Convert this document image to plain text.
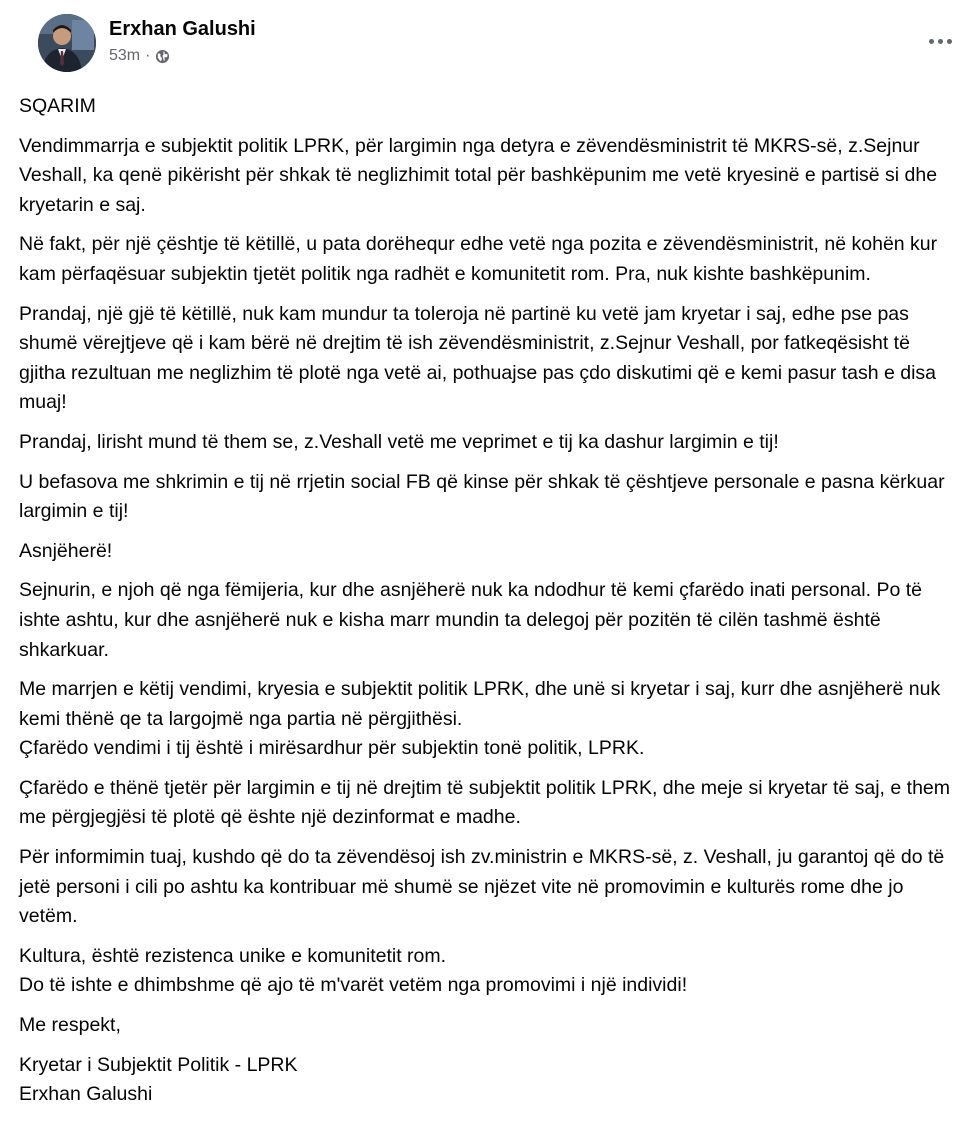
Erxhan Galushi
53m ·

SQARIM

Vendimmarrja e subjektit politik LPRK, për largimin nga detyra e zëvendësministrit të MKRS-së, z.Sejnur Veshall, ka qenë pikërisht për shkak të neglizhimit total për bashkëpunim me vetë kryesinë e partisë si dhe kryetarin e saj.

Në fakt, për një çështje të këtillë, u pata dorëhequr edhe vetë nga pozita e zëvendësministrit, në kohën kur kam përfaqësuar subjektin tjetët politik nga radhët e komunitetit rom. Pra, nuk kishte bashkëpunim.

Prandaj, një gjë të këtillë, nuk kam mundur ta toleroja në partinë ku vetë jam kryetar i saj, edhe pse pas shumë vërejtjeve që i kam bërë në drejtim të ish zëvendësministrit, z.Sejnur Veshall, por fatkeqësisht të gjitha rezultuan me neglizhim të plotë nga vetë ai, pothuajse pas çdo diskutimi që e kemi pasur tash e disa muaj!

Prandaj, lirisht mund të them se, z.Veshall vetë me veprimet e tij ka dashur largimin e tij!

U befasova me shkrimin e tij në rrjetin social FB që kinse për shkak të çështjeve personale e pasna kërkuar largimin e tij!

Asnjëherë!

Sejnurin, e njoh që nga fëmijeria, kur dhe asnjëherë nuk ka ndodhur të kemi çfarëdo inati personal. Po të ishte ashtu, kur dhe asnjëherë nuk e kisha marr mundin ta delegoj për pozitën të cilën tashmë është shkarkuar.

Me marrjen e këtij vendimi, kryesia e subjektit politik LPRK, dhe unë si kryetar i saj, kurr dhe asnjëherë nuk kemi thënë qe ta largojmë nga partia në përgjithësi.
Çfarëdo vendimi i tij është i mirësardhur për subjektin tonë politik, LPRK.

Çfarëdo e thënë tjetër për largimin e tij në drejtim të subjektit politik LPRK, dhe meje si kryetar të saj, e them me përgjegjësi të plotë që ështe një dezinformat e madhe.

Për informimin tuaj, kushdo që do ta zëvendësoj ish zv.ministrin e MKRS-së, z. Veshall, ju garantoj që do të jetë personi i cili po ashtu ka kontribuar më shumë se njëzet vite në promovimin e kulturës rome dhe jo vetëm.

Kultura, është rezistenca unike e komunitetit rom.
Do të ishte e dhimbshme që ajo të m'varët vetëm nga promovimi i një individi!

Me respekt,

Kryetar i Subjektit Politik - LPRK
Erxhan Galushi
